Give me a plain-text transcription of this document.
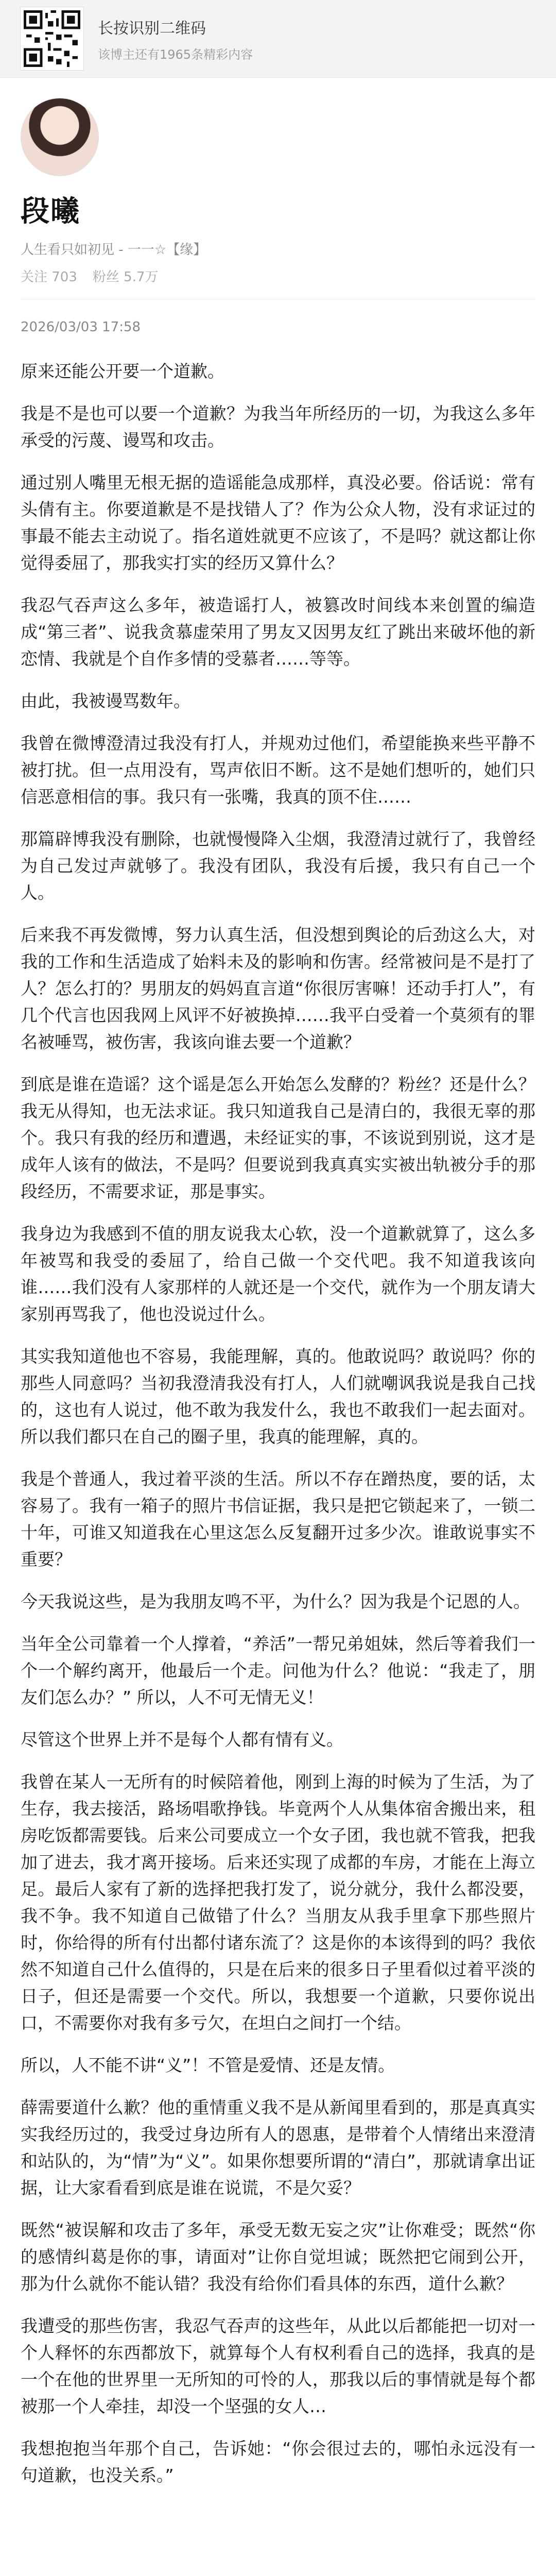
长按识别二维码
该博主还有1965条精彩内容
段曦
人生看只如初见 - 一一☆【缘】
关注 703 粉丝 5.7万
2026/03/03 17:58

原来还能公开要一个道歉。

我是不是也可以要一个道歉？为我当年所经历的一切，为我这么多年承受的污蔑、谩骂和攻击。

通过别人嘴里无根无据的造谣能急成那样，真没必要。俗话说：常有头倩有主。你要道歉是不是找错人了？作为公众人物，没有求证过的事最不能去主动说了。指名道姓就更不应该了，不是吗？就这都让你觉得委屈了，那我实打实的经历又算什么？

我忍气吞声这么多年，被造谣打人，被篡改时间线本来创置的编造成“第三者”、说我贪慕虚荣用了男友又因男友红了跳出来破坏他的新恋情、我就是个自作多情的受慕者……等等。

由此，我被谩骂数年。

我曾在微博澄清过我没有打人，并规劝过他们，希望能换来些平静不被打扰。但一点用没有，骂声依旧不断。这不是她们想听的，她们只信恶意相信的事。我只有一张嘴，我真的顶不住……

那篇辟博我没有删除，也就慢慢降入尘烟，我澄清过就行了，我曾经为自己发过声就够了。我没有团队，我没有后援，我只有自己一个人。

后来我不再发微博，努力认真生活，但没想到舆论的后劲这么大，对我的工作和生活造成了始料未及的影响和伤害。经常被问是不是打了人？怎么打的？男朋友的妈妈直言道“你很厉害嘛！还动手打人”，有几个代言也因我网上风评不好被换掉……我平白受着一个莫须有的罪名被唾骂，被伤害，我该向谁去要一个道歉？

到底是谁在造谣？这个谣是怎么开始怎么发酵的？粉丝？还是什么？我无从得知，也无法求证。我只知道我自己是清白的，我很无辜的那个。我只有我的经历和遭遇，未经证实的事，不该说到别说，这才是成年人该有的做法，不是吗？但要说到我真真实实被出轨被分手的那段经历，不需要求证，那是事实。

我身边为我感到不值的朋友说我太心软，没一个道歉就算了，这么多年被骂和我受的委屈了，给自己做一个交代吧。我不知道我该向谁……我们没有人家那样的人就还是一个交代，就作为一个朋友请大家别再骂我了，他也没说过什么。

其实我知道他也不容易，我能理解，真的。他敢说吗？敢说吗？你的那些人同意吗？当初我澄清我没有打人，人们就嘲讽我说是我自己找的，这也有人说过，他不敢为我发什么，我也不敢我们一起去面对。所以我们都只在自己的圈子里，我真的能理解，真的。

我是个普通人，我过着平淡的生活。所以不存在蹭热度，要的话，太容易了。我有一箱子的照片书信证据，我只是把它锁起来了，一锁二十年，可谁又知道我在心里这怎么反复翻开过多少次。谁敢说事实不重要？

今天我说这些，是为我朋友鸣不平，为什么？因为我是个记恩的人。

当年全公司靠着一个人撑着，“养活”一帮兄弟姐妹，然后等着我们一个一个解约离开，他最后一个走。问他为什么？他说：“我走了，朋友们怎么办？” 所以，人不可无情无义！

尽管这个世界上并不是每个人都有情有义。

我曾在某人一无所有的时候陪着他，刚到上海的时候为了生活，为了生存，我去接活，路场唱歌挣钱。毕竟两个人从集体宿舍搬出来，租房吃饭都需要钱。后来公司要成立一个女子团，我也就不管我，把我加了进去，我才离开接场。后来还实现了成都的车房，才能在上海立足。最后人家有了新的选择把我打发了，说分就分，我什么都没要，我不争。我不知道自己做错了什么？当朋友从我手里拿下那些照片时，你给得的所有付出都付诸东流了？这是你的本该得到的吗？我依然不知道自己什么值得的，只是在后来的很多日子里看似过着平淡的日子，但还是需要一个交代。所以，我想要一个道歉，只要你说出口，不需要你对我有多亏欠，在坦白之间打一个结。

所以，人不能不讲“义”！不管是爱情、还是友情。

薛需要道什么歉？他的重情重义我不是从新闻里看到的，那是真真实实我经历过的，我受过身边所有人的恩惠，是带着个人情绪出来澄清和站队的，为“情”为“义”。如果你想要所谓的“清白”，那就请拿出证据，让大家看看到底是谁在说谎，不是欠妥？

既然“被误解和攻击了多年，承受无数无妄之灾”让你难受；既然“你的感情纠葛是你的事，请面对”让你自觉坦诚；既然把它闹到公开，那为什么就你不能认错？我没有给你们看具体的东西，道什么歉？

我遭受的那些伤害，我忍气吞声的这些年，从此以后都能把一切对一个人释怀的东西都放下，就算每个人有权利看自己的选择，我真的是一个在他的世界里一无所知的可怜的人，那我以后的事情就是每个都被那一个人牵挂，却没一个坚强的女人…

我想抱抱当年那个自己，告诉她：“你会很过去的，哪怕永远没有一句道歉，也没关系。”
